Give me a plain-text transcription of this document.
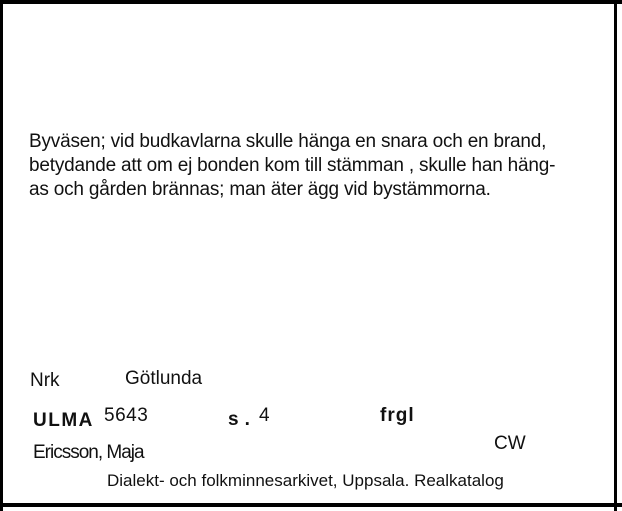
Byväsen; vid budkavlarna skulle hänga en snara och en brand,
betydande att om ej bonden kom till stämman , skulle han häng-
as och gården brännas; man äter ägg vid bystämmorna.
Nrk	Götlunda
ULMA 5643	s. 4	frgl
Ericsson, Maja	CW
Dialekt- och folkminnesarkivet, Uppsala. Realkatalog
